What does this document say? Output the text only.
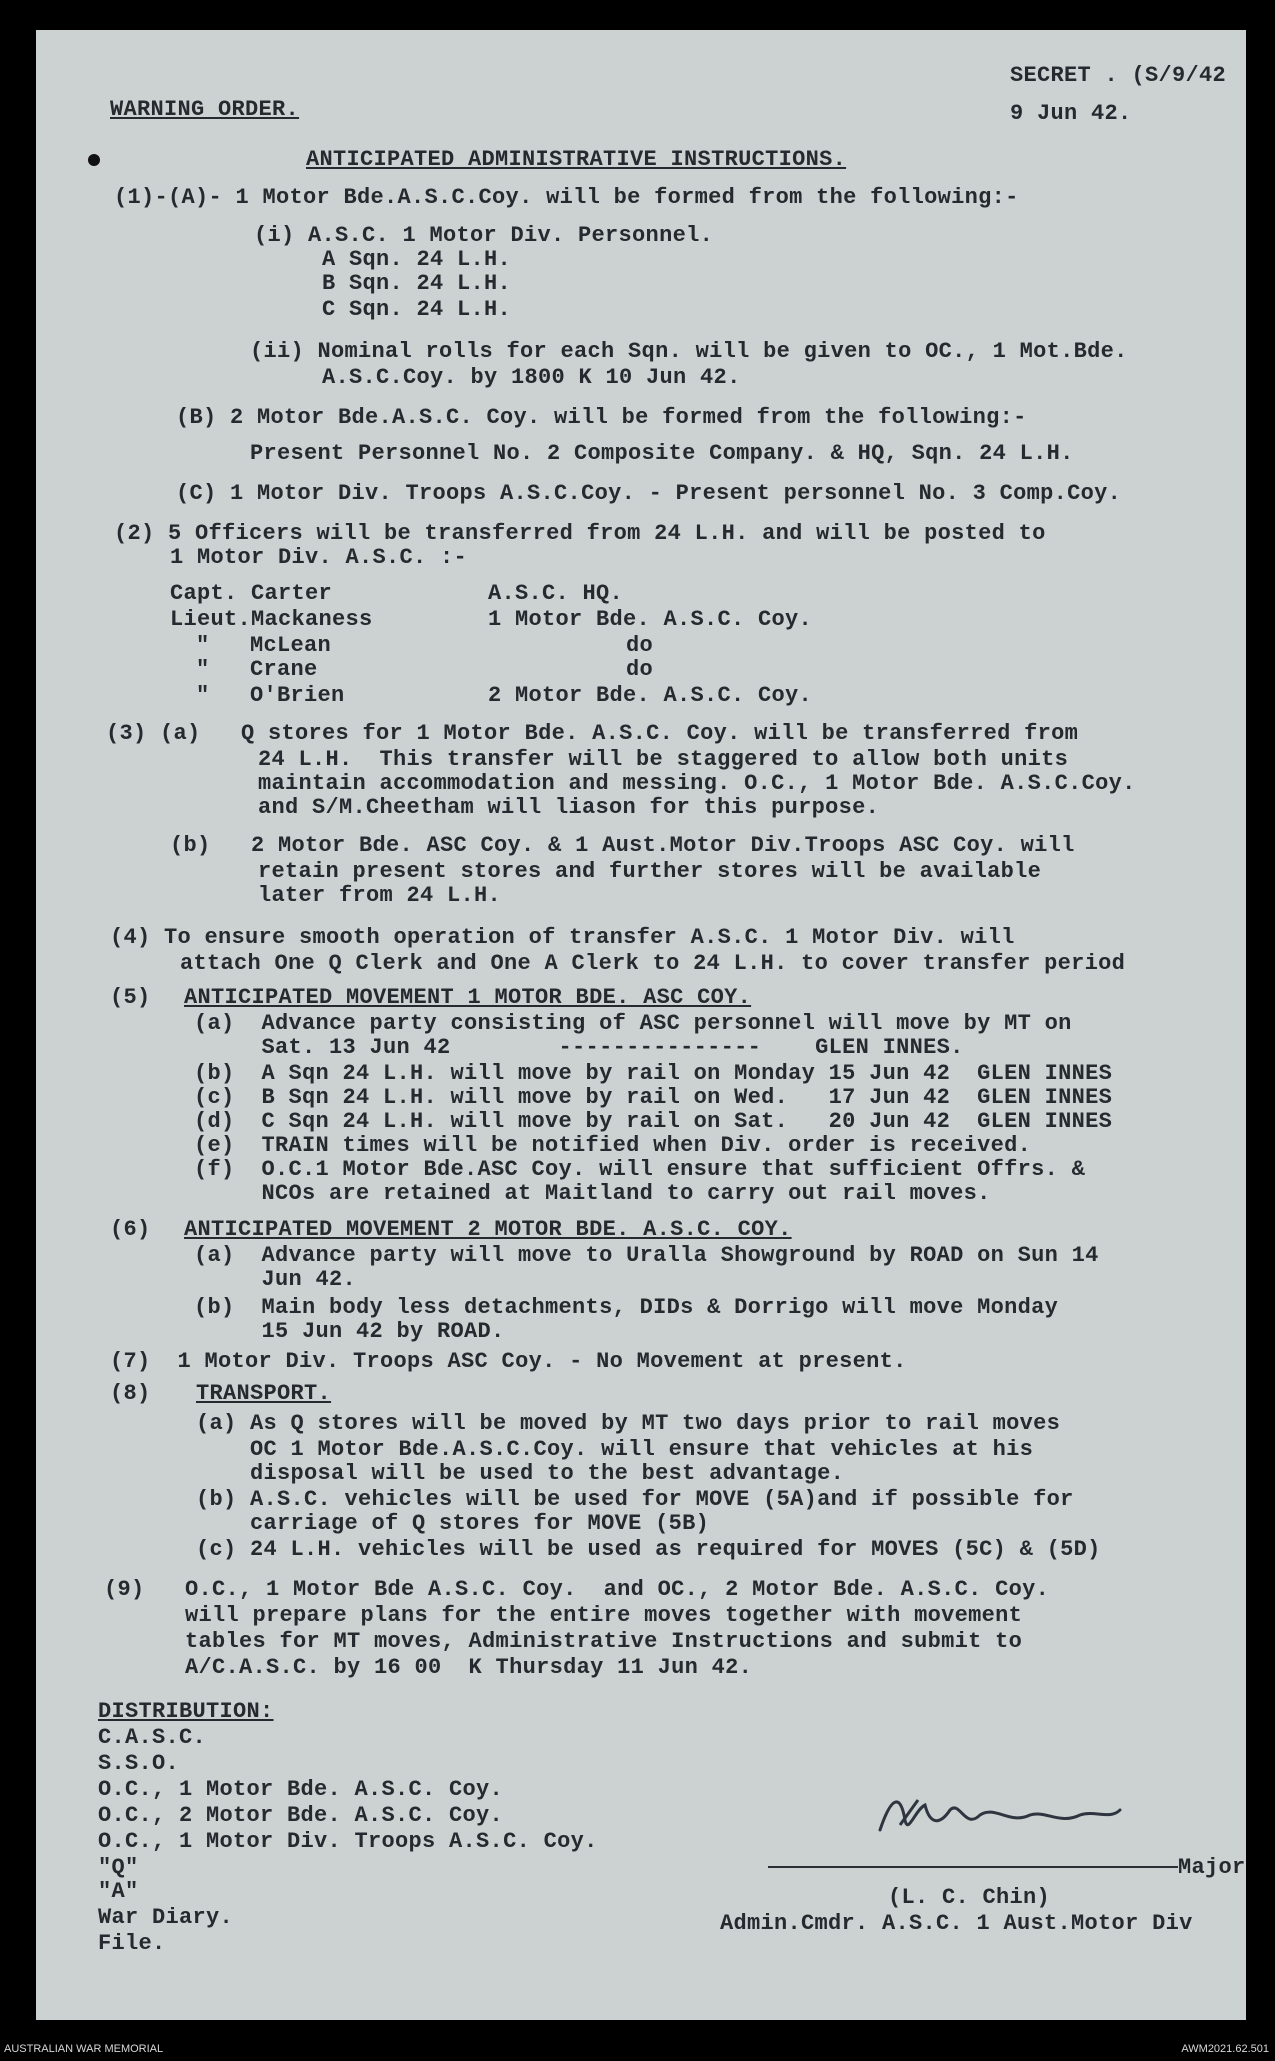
WARNING ORDER.
SECRET . (S/9/42
9 Jun 42.
ANTICIPATED ADMINISTRATIVE INSTRUCTIONS.
(1)-(A)- 1 Motor Bde.A.S.C.Coy. will be formed from the following:-
(i) A.S.C. 1 Motor Div. Personnel.
A Sqn. 24 L.H.
B Sqn. 24 L.H.
C Sqn. 24 L.H.
(ii) Nominal rolls for each Sqn. will be given to OC., 1 Mot.Bde.
A.S.C.Coy. by 1800 K 10 Jun 42.
(B) 2 Motor Bde.A.S.C. Coy. will be formed from the following:-
Present Personnel No. 2 Composite Company. & HQ, Sqn. 24 L.H.
(C) 1 Motor Div. Troops A.S.C.Coy. - Present personnel No. 3 Comp.Coy.
(2) 5 Officers will be transferred from 24 L.H. and will be posted to
1 Motor Div. A.S.C. :-
Capt. Carter	A.S.C. HQ.
Lieut.Mackaness	1 Motor Bde. A.S.C. Coy.
"   McLean	do
"   Crane	do
"   O'Brien	2 Motor Bde. A.S.C. Coy.
(3) (a)   Q stores for 1 Motor Bde. A.S.C. Coy. will be transferred from
24 L.H.  This transfer will be staggered to allow both units
maintain accommodation and messing. O.C., 1 Motor Bde. A.S.C.Coy.
and S/M.Cheetham will liason for this purpose.
(b)   2 Motor Bde. ASC Coy. & 1 Aust.Motor Div.Troops ASC Coy. will
retain present stores and further stores will be available
later from 24 L.H.
(4) To ensure smooth operation of transfer A.S.C. 1 Motor Div. will
attach One Q Clerk and One A Clerk to 24 L.H. to cover transfer period
(5) ANTICIPATED MOVEMENT 1 MOTOR BDE. ASC COY.
(a)  Advance party consisting of ASC personnel will move by MT on
Sat. 13 Jun 42        ---------------    GLEN INNES.
(b)  A Sqn 24 L.H. will move by rail on Monday 15 Jun 42  GLEN INNES
(c)  B Sqn 24 L.H. will move by rail on Wed.   17 Jun 42  GLEN INNES
(d)  C Sqn 24 L.H. will move by rail on Sat.   20 Jun 42  GLEN INNES
(e)  TRAIN times will be notified when Div. order is received.
(f)  O.C.1 Motor Bde.ASC Coy. will ensure that sufficient Offrs. &
NCOs are retained at Maitland to carry out rail moves.
(6) ANTICIPATED MOVEMENT 2 MOTOR BDE. A.S.C. COY.
(a)  Advance party will move to Uralla Showground by ROAD on Sun 14
Jun 42.
(b)  Main body less detachments, DIDs & Dorrigo will move Monday
15 Jun 42 by ROAD.
(7)  1 Motor Div. Troops ASC Coy. - No Movement at present.
(8) TRANSPORT.
(a) As Q stores will be moved by MT two days prior to rail moves
OC 1 Motor Bde.A.S.C.Coy. will ensure that vehicles at his
disposal will be used to the best advantage.
(b) A.S.C. vehicles will be used for MOVE (5A)and if possible for
carriage of Q stores for MOVE (5B)
(c) 24 L.H. vehicles will be used as required for MOVES (5C) & (5D)
(9)   O.C., 1 Motor Bde A.S.C. Coy.  and OC., 2 Motor Bde. A.S.C. Coy.
will prepare plans for the entire moves together with movement
tables for MT moves, Administrative Instructions and submit to
A/C.A.S.C. by 16 00  K Thursday 11 Jun 42.
DISTRIBUTION:
C.A.S.C.
S.S.O.
O.C., 1 Motor Bde. A.S.C. Coy.
O.C., 2 Motor Bde. A.S.C. Coy.
O.C., 1 Motor Div. Troops A.S.C. Coy.
"Q"
"A"
War Diary.
File.
Major
(L. C. Chin)
Admin.Cmdr. A.S.C. 1 Aust.Motor Div
AUSTRALIAN WAR MEMORIAL	AWM2021.62.501
